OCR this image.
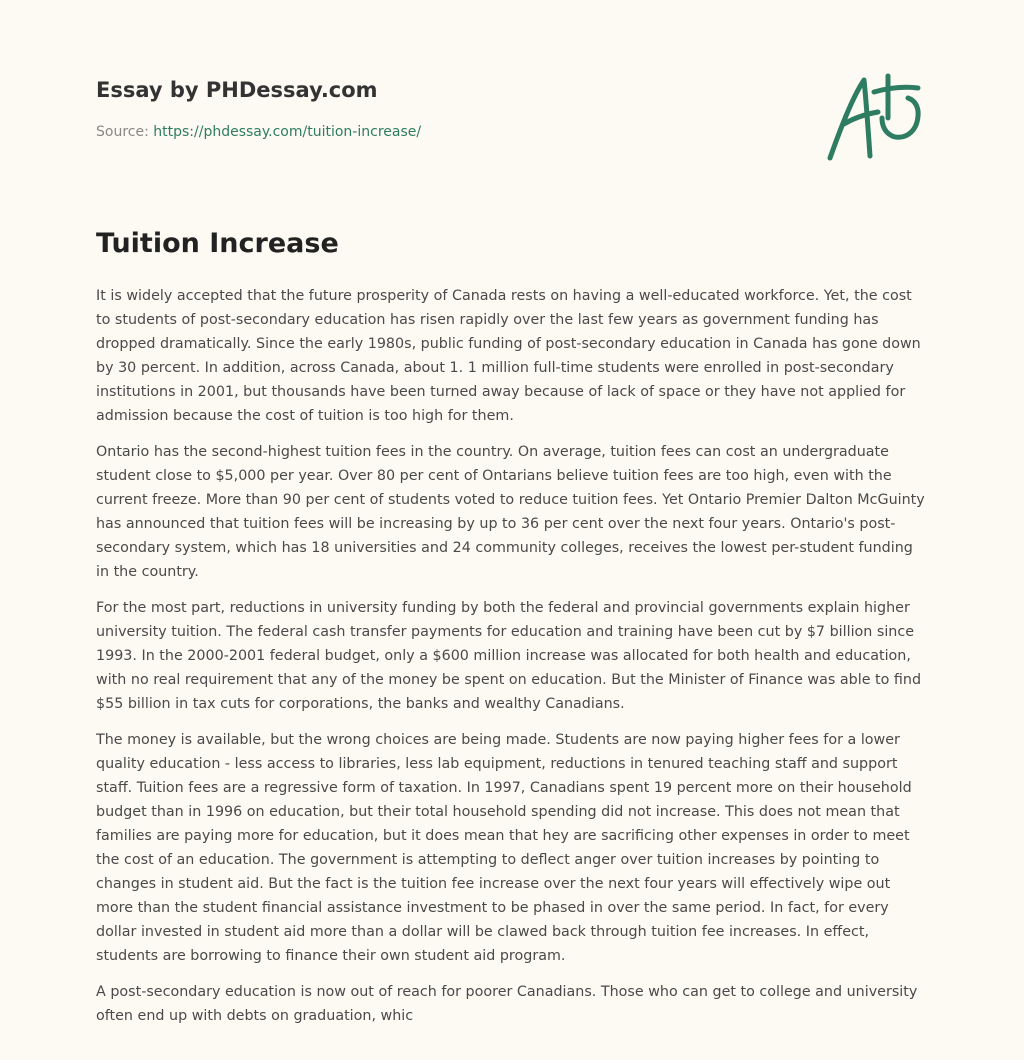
Essay by PHDessay.com
Source: https://phdessay.com/tuition-increase/
Tuition Increase

It is widely accepted that the future prosperity of Canada rests on having a well-educated workforce. Yet, the cost to students of post-secondary education has risen rapidly over the last few years as government funding has dropped dramatically. Since the early 1980s, public funding of post-secondary education in Canada has gone down by 30 percent. In addition, across Canada, about 1. 1 million full-time students were enrolled in post-secondary institutions in 2001, but thousands have been turned away because of lack of space or they have not applied for admission because the cost of tuition is too high for them.

Ontario has the second-highest tuition fees in the country. On average, tuition fees can cost an undergraduate student close to $5,000 per year. Over 80 per cent of Ontarians believe tuition fees are too high, even with the current freeze. More than 90 per cent of students voted to reduce tuition fees. Yet Ontario Premier Dalton McGuinty has announced that tuition fees will be increasing by up to 36 per cent over the next four years. Ontario's post-secondary system, which has 18 universities and 24 community colleges, receives the lowest per-student funding in the country.

For the most part, reductions in university funding by both the federal and provincial governments explain higher university tuition. The federal cash transfer payments for education and training have been cut by $7 billion since 1993. In the 2000-2001 federal budget, only a $600 million increase was allocated for both health and education, with no real requirement that any of the money be spent on education. But the Minister of Finance was able to find $55 billion in tax cuts for corporations, the banks and wealthy Canadians.

The money is available, but the wrong choices are being made. Students are now paying higher fees for a lower quality education - less access to libraries, less lab equipment, reductions in tenured teaching staff and support staff. Tuition fees are a regressive form of taxation. In 1997, Canadians spent 19 percent more on their household budget than in 1996 on education, but their total household spending did not increase. This does not mean that families are paying more for education, but it does mean that hey are sacrificing other expenses in order to meet the cost of an education. The government is attempting to deflect anger over tuition increases by pointing to changes in student aid. But the fact is the tuition fee increase over the next four years will effectively wipe out more than the student financial assistance investment to be phased in over the same period. In fact, for every dollar invested in student aid more than a dollar will be clawed back through tuition fee increases. In effect, students are borrowing to finance their own student aid program.

A post-secondary education is now out of reach for poorer Canadians. Those who can get to college and university often end up with debts on graduation, whic
